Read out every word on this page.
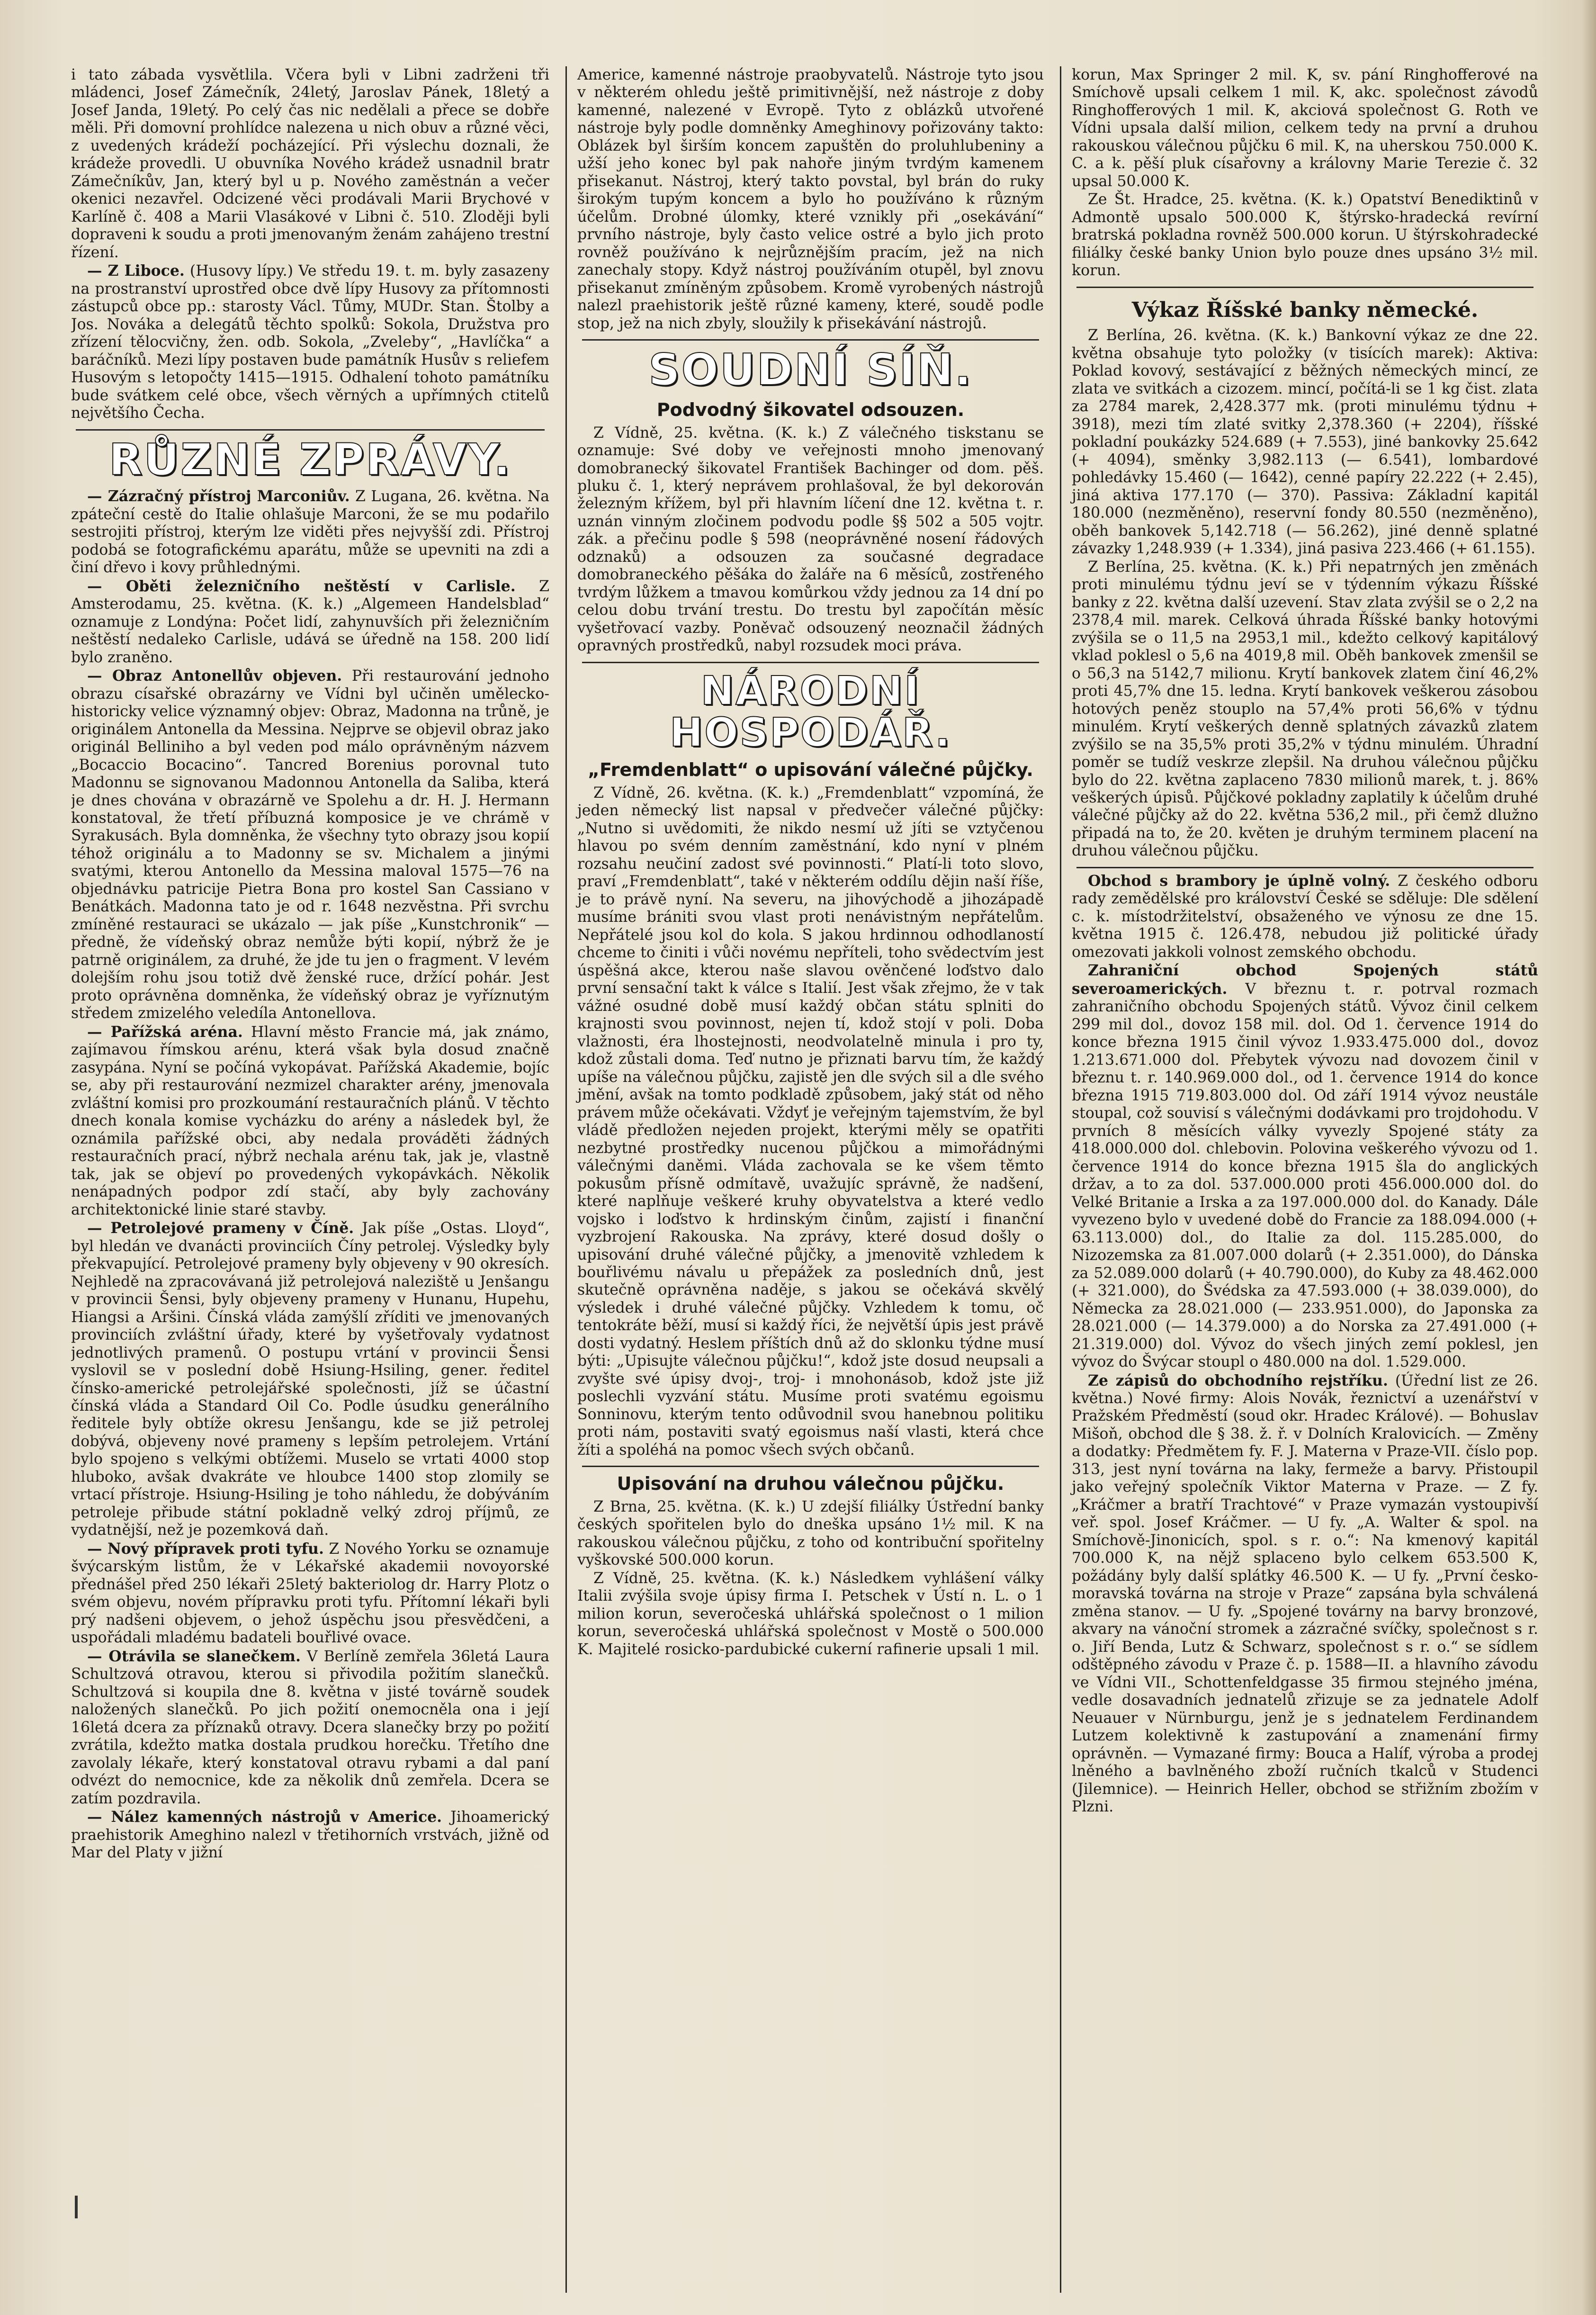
i tato zábada vysvětlila. Včera byli v Libni zadrženi tři mládenci, Josef Zámečník, 24letý, Jaroslav Pánek, 18letý a Josef Janda, 19letý. Po celý čas nic nedělali a přece se dobře měli. Při domovní prohlídce nalezena u nich obuv a různé věci, z uvedených krádeží pocházející. Při výslechu doznali, že krádeže provedli. U obuvníka Nového krádež usnadnil bratr Zámečníkův, Jan, který byl u p. Nového zaměstnán a večer okenici nezavřel. Odcizené věci prodávali Marii Brychové v Karlíně č. 408 a Marii Vlasákové v Libni č. 510. Zloději byli dopraveni k soudu a proti jmenovaným ženám zahájeno trestní řízení.

— Z Liboce. (Husovy lípy.) Ve středu 19. t. m. byly zasazeny na prostranství uprostřed obce dvě lípy Husovy za přítomnosti zástupců obce pp.: starosty Václ. Tůmy, MUDr. Stan. Štolby a Jos. Nováka a delegátů těchto spolků: Sokola, Družstva pro zřízení tělocvičny, žen. odb. Sokola, „Zvelebу“, „Havlíčka“ a baráčníků. Mezi lípy postaven bude památník Husův s reliefem Husovým s letopočty 1415—1915. Odhalení tohoto památníku bude svátkem celé obce, všech věrných a upřímných ctitelů největšího Čecha.

RŮZNÉ ZPRÁVY.

— Zázračný přístroj Marconiův. Z Lugana, 26. května. Na zpáteční cestě do Italie ohlašuje Marconi, že se mu podařilo sestrojiti přístroj, kterým lze viděti přes nejvyšší zdi. Přístroj podobá se fotografickému aparátu, může se upevniti na zdi a činí dřevo i kovy průhlednými.

— Oběti železničního neštěstí v Carlisle. Z Amsterodamu, 25. května. (K. k.) „Algemeen Handelsblad“ oznamuje z Londýna: Počet lidí, zahynuvších při železničním neštěstí nedaleko Carlisle, udává se úředně na 158. 200 lidí bylo zraněno.

— Obraz Antonellův objeven. Při restaurování jednoho obrazu císařské obrazárny ve Vídni byl učiněn umělecko-historicky velice významný objev: Obraz, Madonna na trůně, je originálem Antonella da Messina. Nejprve se objevil obraz jako originál Belliniho a byl veden pod málo oprávněným názvem „Bocaccio Bocacino“. Tancred Borenius porovnal tuto Madonnu se signovanou Madonnou Antonella da Saliba, která je dnes chována v obrazárně ve Spolehu a dr. H. J. Hermann konstatoval, že třetí příbuzná komposice je ve chrámě v Syrakusách. Byla domněnka, že všechny tyto obrazy jsou kopií téhož originálu a to Madonny se sv. Michalem a jinými svatými, kterou Antonello da Messina maloval 1575—76 na objednávku patricije Pietra Bona pro kostel San Cassiano v Benátkách. Madonna tato je od r. 1648 nezvěstna. Při svrchu zmíněné restauraci se ukázalo — jak píše „Kunstchronik“ — předně, že vídeňský obraz nemůže býti kopií, nýbrž že je patrně originálem, za druhé, že jde tu jen o fragment. V levém dolejším rohu jsou totiž dvě ženské ruce, držící pohár. Jest proto oprávněna domněnka, že vídeňský obraz je vyříznutým středem zmizelého veledíla Antonellova.

— Pařížská aréna. Hlavní město Francie má, jak známo, zajímavou římskou arénu, která však byla dosud značně zasypána. Nyní se počíná vykopávat. Pařížská Akademie, bojíc se, aby při restaurování nezmizel charakter arény, jmenovala zvláštní komisi pro prozkoumání restauračních plánů. V těchto dnech konala komise vycházku do arény a následek byl, že oznámila pařížské obci, aby nedala prováděti žádných restauračních prací, nýbrž nechala arénu tak, jak je, vlastně tak, jak se objeví po provedených vykopávkách. Několik nenápadných podpor zdí stačí, aby byly zachovány architektonické linie staré stavby.

— Petrolejové prameny v Číně. Jak píše „Ostas. Lloyd“, byl hledán ve dvanácti provinciích Číny petrolej. Výsledky byly překvapující. Petrolejové prameny byly objeveny v 90 okresích. Nejhledě na zpracovávaná již petrolejová naleziště u Jenšangu v provincii Šensi, byly objeveny prameny v Hunanu, Hupehu, Hiangsi a Aršini. Čínská vláda zamýšlí zříditi ve jmenovaných provinciích zvláštní úřady, které by vyšetřovaly vydatnost jednotlivých pramenů. O postupu vrtání v provincii Šensi vyslovil se v poslední době Hsiung-Hsiling, gener. ředitel čínsko-americké petrolejářské společnosti, jíž se účastní čínská vláda a Standard Oil Co. Podle úsudku generálního ředitele byly obtíže okresu Jenšangu, kde se již petrolej dobývá, objeveny nové prameny s lepším petrolejem. Vrtání bylo spojeno s velkými obtížemi. Muselo se vrtati 4000 stop hluboko, avšak dvakráte ve hloubce 1400 stop zlomily se vrtací přístroje. Hsiung-Hsiling je toho náhledu, že dobýváním petroleje přibude státní pokladně velký zdroj příjmů, ze vydatnější, než je pozemková daň.

— Nový přípravek proti tyfu. Z Nového Yorku se oznamuje švýcarským listům, že v Lékařské akademii novoyorské přednášel před 250 lékaři 25letý bakteriolog dr. Harry Plotz o svém objevu, novém přípravku proti tyfu. Přítomní lékaři byli prý nadšeni objevem, o jehož úspěchu jsou přesvědčeni, a uspořádali mladému badateli bouřlivé ovace.

— Otrávila se slanečkem. V Berlíně zemřela 36letá Laura Schultzová otravou, kterou si přivodila požitím slanečků. Schultzová si koupila dne 8. května v jisté továrně soudek naložených slanečků. Po jich požití onemocněla ona i její 16letá dcera za příznaků otravy. Dcera slanečky brzy po požití zvrátila, kdežto matka dostala prudkou horečku. Třetího dne zavolaly lékaře, který konstatoval otravu rybami a dal paní odvézt do nemocnice, kde za několik dnů zemřela. Dcera se zatím pozdravila.

— Nález kamenných nástrojů v Americe. Jihoamerický praehistorik Ameghino nalezl v třetihorních vrstvách, jižně od Mar del Platy v jižní

Americe, kamenné nástroje praobyvatelů. Nástroje tyto jsou v některém ohledu ještě primitivnější, než nástroje z doby kamenné, nalezené v Evropě. Tyto z oblázků utvořené nástroje byly podle domněnky Ameghinovy pořizovány takto: Oblázek byl širším koncem zapuštěn do proluhlubeniny a užší jeho konec byl pak nahoře jiným tvrdým kamenem přisekanut. Nástroj, který takto povstal, byl brán do ruky širokým tupým koncem a bylo ho používáno k různým účelům. Drobné úlomky, které vznikly při „osekávání“ prvního nástroje, byly často velice ostré a bylo jich proto rovněž používáno k nejrůznějším pracím, jež na nich zanechaly stopy. Když nástroj používáním otupěl, byl znovu přisekanut zmíněným způsobem. Kromě vyrobených nástrojů nalezl praehistorik ještě různé kameny, které, soudě podle stop, jež na nich zbyly, sloužily k přisekávání nástrojů.

SOUDNÍ SÍŇ.
Podvodný šikovatel odsouzen.

Z Vídně, 25. května. (K. k.) Z válečného tiskstanu se oznamuje: Své doby ve veřejnosti mnoho jmenovaný domobranecký šikovatel František Bachinger od dom. pěš. pluku č. 1, který neprávem prohlašoval, že byl dekorován železným křížem, byl při hlavním líčení dne 12. května t. r. uznán vinným zločinem podvodu podle §§ 502 a 505 vojtr. zák. a přečinu podle § 598 (neoprávněné nosení řádových odznaků) a odsouzen za současné degradace domobraneckého pěšáka do žaláře na 6 měsíců, zostřeného tvrdým lůžkem a tmavou komůrkou vždy jednou za 14 dní po celou dobu trvání trestu. Do trestu byl započítán měsíc vyšetřovací vazby. Poněvač odsouzený neoznačil žádných opravných prostředků, nabyl rozsudek moci práva.

NÁRODNÍ HOSPODÁŘ.
„Fremdenblatt“ o upisování válečné půjčky.

Z Vídně, 26. května. (K. k.) „Fremdenblatt“ vzpomíná, že jeden německý list napsal v předvečer válečné půjčky: „Nutno si uvědomiti, že nikdo nesmí už jíti se vztyčenou hlavou po svém denním zaměstnání, kdo nyní v plném rozsahu neučiní zadost své povinnosti.“ Platí-li toto slovo, praví „Fremdenblatt“, také v některém oddílu dějin naší říše, je to právě nyní. Na severu, na jihovýchodě a jihozápadě musíme brániti svou vlast proti nenávistným nepřátelům. Nepřátelé jsou kol do kola. S jakou hrdinnou odhodlaností chceme to činiti i vůči novému nepříteli, toho svědectvím jest úspěšná akce, kterou naše slavou ověnčené loďstvo dalo první sensační takt k válce s Italií. Jest však zřejmo, že v tak vážné osudné době musí každý občan státu splniti do krajnosti svou povinnost, nejen tí, kdož stojí v poli. Doba vlažnosti, éra lhostejnosti, neodvolatelně minula i pro ty, kdož zůstali doma. Teď nutno je přiznati barvu tím, že každý upíše na válečnou půjčku, zajistě jen dle svých sil a dle svého jmění, avšak na tomto podkladě způsobem, jaký stát od něho právem může očekávati. Vždyť je veřejným tajemstvím, že byl vládě předložen nejeden projekt, kterými měly se opatřiti nezbytné prostředky nucenou půjčkou a mimořádnými válečnými daněmi. Vláda zachovala se ke všem těmto pokusům přísně odmítavě, uvažujíc správně, že nadšení, které naplňuje veškeré kruhy obyvatelstva a které vedlo vojsko i loďstvo k hrdinským činům, zajistí i finanční vyzbrojení Rakouska. Na zprávy, které dosud došly o upisování druhé válečné půjčky, a jmenovitě vzhledem k bouřlivému návalu u přepážek za posledních dnů, jest skutečně oprávněna naděje, s jakou se očekává skvělý výsledek i druhé válečné půjčky. Vzhledem k tomu, oč tentokráte běží, musí si každý říci, že největší úpis jest právě dosti vydatný. Heslem příštích dnů až do sklonku týdne musí býti: „Upisujte válečnou půjčku!“, kdož jste dosud neupsali a zvyšte své úpisy dvoj-, troj- i mnohonásob, kdož jste již poslechli vyzvání státu. Musíme proti svatému egoismu Sonninovu, kterým tento odůvodnil svou hanebnou politiku proti nám, postaviti svatý egoismus naší vlasti, která chce žíti a spoléhá na pomoc všech svých občanů.

Upisování na druhou válečnou půjčku.

Z Brna, 25. května. (K. k.) U zdejší filiálky Ústřední banky českých spořitelen bylo do dneška upsáno 1½ mil. K na rakouskou válečnou půjčku, z toho od kontribuční spořitelny vyškovské 500.000 korun.

Z Vídně, 25. května. (K. k.) Následkem vyhlášení války Italii zvýšila svoje úpisy firma I. Petschek v Ústí n. L. o 1 milion korun, severočeská uhlářská společnost o 1 milion korun, severočeská uhlářská společnost v Mostě o 500.000 K. Majitelé rosicko-pardubické cukerní rafinerie upsali 1 mil.

korun, Max Springer 2 mil. K, sv. pání Ringhofferové na Smíchově upsali celkem 1 mil. K, akc. společnost závodů Ringhofferových 1 mil. K, akciová společnost G. Roth ve Vídni upsala další milion, celkem tedy na první a druhou rakouskou válečnou půjčku 6 mil. K, na uherskou 750.000 K. C. a k. pěší pluk císařovny a královny Marie Terezie č. 32 upsal 50.000 K.

Ze Št. Hradce, 25. května. (K. k.) Opatství Benediktinů v Admontě upsalo 500.000 K, štýrsko-hradecká revírní bratrská pokladna rovněž 500.000 korun. U štýrskohradecké filiálky české banky Union bylo pouze dnes upsáno 3½ mil. korun.

Výkaz Říšské banky německé.

Z Berlína, 26. května. (K. k.) Bankovní výkaz ze dne 22. května obsahuje tyto položky (v tisících marek): Aktiva: Poklad kovový, sestávající z běžných německých mincí, ze zlata ve svitkách a cizozem. mincí, počítá-li se 1 kg čist. zlata za 2784 marek, 2,428.377 mk. (proti minulému týdnu + 3918), mezi tím zlaté svitky 2,378.360 (+ 2204), říšské pokladní poukázky 524.689 (+ 7.553), jiné bankovky 25.642 (+ 4094), směnky 3,982.113 (— 6.541), lombardové pohledávky 15.460 (— 1642), cenné papíry 22.222 (+ 2.45), jiná aktiva 177.170 (— 370). Passiva: Základní kapitál 180.000 (nezměněno), reservní fondy 80.550 (nezměněno), oběh bankovek 5,142.718 (— 56.262), jiné denně splatné závazky 1,248.939 (+ 1.334), jiná pasiva 223.466 (+ 61.155).

Z Berlína, 25. května. (K. k.) Při nepatrných jen změnách proti minulému týdnu jeví se v týdenním výkazu Říšské banky z 22. května další uzevení. Stav zlata zvýšil se o 2,2 na 2378,4 mil. marek. Celková úhrada Říšské banky hotovými zvýšila se o 11,5 na 2953,1 mil., kdežto celkový kapitálový vklad poklesl o 5,6 na 4019,8 mil. Oběh bankovek zmenšil se o 56,3 na 5142,7 milionu. Krytí bankovek zlatem činí 46,2% proti 45,7% dne 15. ledna. Krytí bankovek veškerou zásobou hotových peněz stouplo na 57,4% proti 56,6% v týdnu minulém. Krytí veškerých denně splatných závazků zlatem zvýšilo se na 35,5% proti 35,2% v týdnu minulém. Úhradní poměr se tudíž veskrze zlepšil. Na druhou válečnou půjčku bylo do 22. května zaplaceno 7830 milionů marek, t. j. 86% veškerých úpisů. Půjčkové pokladny zaplatily k účelům druhé válečné půjčky až do 22. května 536,2 mil., při čemž dlužno připadá na to, že 20. květen je druhým terminem placení na druhou válečnou půjčku.

Obchod s brambory je úplně volný. Z českého odboru rady zemědělské pro království České se sděluje: Dle sdělení c. k. místodržitelství, obsaženého ve výnosu ze dne 15. května 1915 č. 126.478, nebudou již politické úřady omezovati jakkoli volnost zemského obchodu.

Zahraniční obchod Spojených států severoamerických. V březnu t. r. potrval rozmach zahraničního obchodu Spojených států. Vývoz činil celkem 299 mil dol., dovoz 158 mil. dol. Od 1. července 1914 do konce března 1915 činil vývoz 1.933.475.000 dol., dovoz 1.213.671.000 dol. Přebytek vývozu nad dovozem činil v březnu t. r. 140.969.000 dol., od 1. července 1914 do konce března 1915 719.803.000 dol. Od září 1914 vývoz neustále stoupal, což souvisí s válečnými dodávkami pro trojdohodu. V prvních 8 měsících války vyvezly Spojené státy za 418.000.000 dol. chlebovin. Polovina veškerého vývozu od 1. července 1914 do konce března 1915 šla do anglických držav, a to za dol. 537.000.000 proti 456.000.000 dol. do Velké Britanie a Irska a za 197.000.000 dol. do Kanady. Dále vyvezeno bylo v uvedené době do Francie za 188.094.000 (+ 63.113.000) dol., do Italie za dol. 115.285.000, do Nizozemska za 81.007.000 dolarů (+ 2.351.000), do Dánska za 52.089.000 dolarů (+ 40.790.000), do Kuby za 48.462.000 (+ 321.000), do Švédska za 47.593.000 (+ 38.039.000), do Německa za 28.021.000 (— 233.951.000), do Japonska za 28.021.000 (— 14.379.000) a do Norska za 27.491.000 (+ 21.319.000) dol. Vývoz do všech jiných zemí poklesl, jen vývoz do Švýcar stoupl o 480.000 na dol. 1.529.000.

Ze zápisů do obchodního rejstříku. (Úřední list ze 26. května.) Nové firmy: Alois Novák, řeznictví a uzenářství v Pražském Předměstí (soud okr. Hradec Králové). — Bohuslav Mišoň, obchod dle § 38. ž. ř. v Dolních Kralovicích. — Změny a dodatky: Předmětem fy. F. J. Materna v Praze-VII. číslo pop. 313, jest nyní továrna na laky, fermeže a barvy. Přistoupil jako veřejný společník Viktor Materna v Praze. — Z fy. „Kráčmer a bratří Trachtové“ v Praze vymazán vystoupivší veř. spol. Josef Kráčmer. — U fy. „A. Walter & spol. na Smíchově-Jinonicích, spol. s r. o.“: Na kmenový kapitál 700.000 K, na nějž splaceno bylo celkem 653.500 K, požádány byly další splátky 46.500 K. — U fy. „První česko-moravská továrna na stroje v Praze“ zapsána byla schválená změna stanov. — U fy. „Spojené továrny na barvy bronzové, akvary na vánoční stromek a zázračné svíčky, společnost s r. o. Jiří Benda, Lutz & Schwarz, společnost s r. o.“ se sídlem odštěpného závodu v Praze č. p. 1588—II. a hlavního závodu ve Vídni VII., Schottenfeldgasse 35 firmou stejného jména, vedle dosavadních jednatelů zřizuje se za jednatele Adolf Neuauer v Nürnburgu, jenž je s jednatelem Ferdinandem Lutzem kolektivně k zastupování a znamenání firmy oprávněn. — Vymazané firmy: Bouca a Halíf, výroba a prodej lněného a bavlněného zboží ručních tkalců v Studenci (Jilemnice). — Heinrich Heller, obchod se střižním zbožím v Plzni.
